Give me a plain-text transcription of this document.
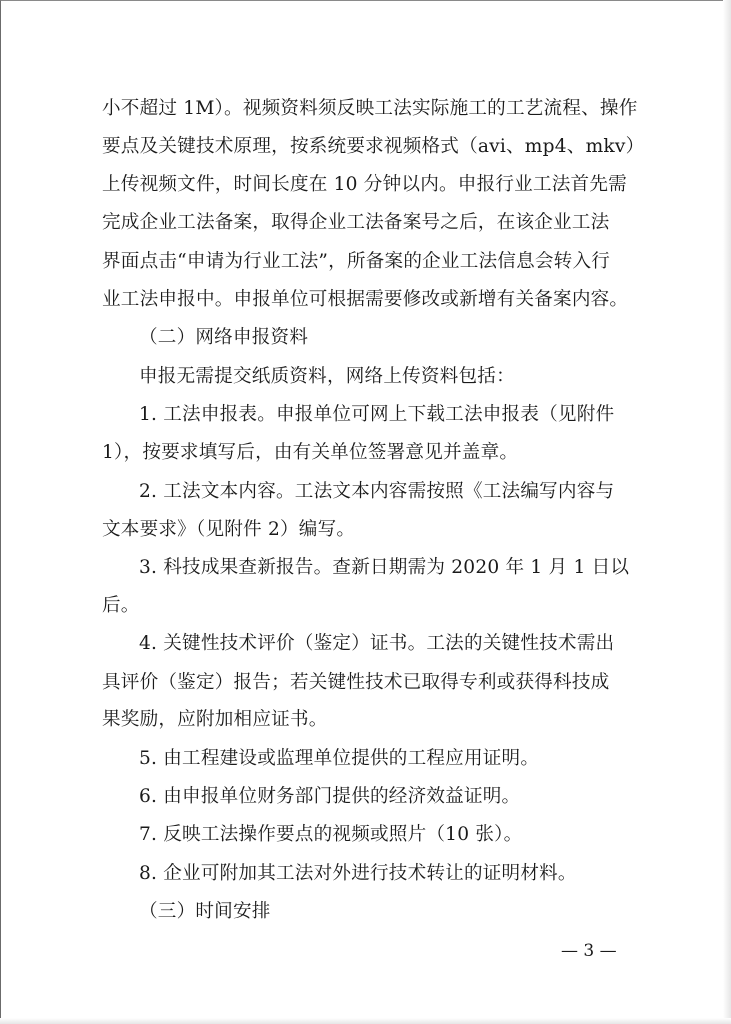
小不超过 1M）。视频资料须反映工法实际施工的工艺流程、操作
要点及关键技术原理，按系统要求视频格式（avi、mp4、mkv）
上传视频文件，时间长度在 10 分钟以内。申报行业工法首先需
完成企业工法备案，取得企业工法备案号之后，在该企业工法
界面点击“申请为行业工法”，所备案的企业工法信息会转入行
业工法申报中。申报单位可根据需要修改或新增有关备案内容。
（二）网络申报资料
申报无需提交纸质资料，网络上传资料包括：
1. 工法申报表。申报单位可网上下载工法申报表（见附件
1），按要求填写后，由有关单位签署意见并盖章。
2. 工法文本内容。工法文本内容需按照《工法编写内容与
文本要求》（见附件 2）编写。
3. 科技成果查新报告。查新日期需为 2020 年 1 月 1 日以
后。
4. 关键性技术评价（鉴定）证书。工法的关键性技术需出
具评价（鉴定）报告；若关键性技术已取得专利或获得科技成
果奖励，应附加相应证书。
5. 由工程建设或监理单位提供的工程应用证明。
6. 由申报单位财务部门提供的经济效益证明。
7. 反映工法操作要点的视频或照片（10 张）。
8. 企业可附加其工法对外进行技术转让的证明材料。
（三）时间安排
— 3 —
